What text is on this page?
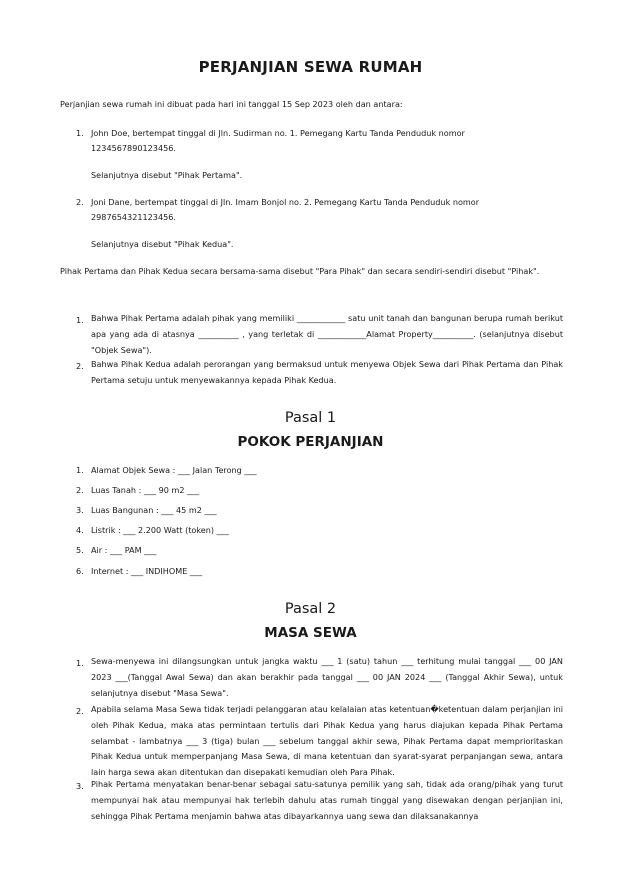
PERJANJIAN SEWA RUMAH
Perjanjian sewa rumah ini dibuat pada hari ini tanggal 15 Sep 2023 oleh dan antara:
1. John Doe, bertempat tinggal di Jln. Sudirman no. 1. Pemegang Kartu Tanda Penduduk nomor
1234567890123456.
Selanjutnya disebut "Pihak Pertama".
2. Joni Dane, bertempat tinggal di Jln. Imam Bonjol no. 2. Pemegang Kartu Tanda Penduduk nomor
2987654321123456.
Selanjutnya disebut "Pihak Kedua".
Pihak Pertama dan Pihak Kedua secara bersama-sama disebut "Para Pihak" dan secara sendiri-sendiri disebut "Pihak".
1. Bahwa Pihak Pertama adalah pihak yang memiliki ____________ satu unit tanah dan bangunan berupa rumah berikut apa yang ada di atasnya __________ , yang terletak di ____________Alamat Property__________. (selanjutnya disebut "Objek Sewa").
2. Bahwa Pihak Kedua adalah perorangan yang bermaksud untuk menyewa Objek Sewa dari Pihak Pertama dan Pihak Pertama setuju untuk menyewakannya kepada Pihak Kedua.
Pasal 1
POKOK PERJANJIAN
1. Alamat Objek Sewa : ___ Jalan Terong ___
2. Luas Tanah : ___ 90 m2 ___
3. Luas Bangunan : ___ 45 m2 ___
4. Listrik : ___ 2.200 Watt (token) ___
5. Air : ___ PAM ___
6. Internet : ___ INDIHOME ___
Pasal 2
MASA SEWA
1. Sewa-menyewa ini dilangsungkan untuk jangka waktu ___ 1 (satu) tahun ___ terhitung mulai tanggal ___ 00 JAN 2023 ___(Tanggal Awal Sewa) dan akan berakhir pada tanggal ___ 00 JAN 2024 ___ (Tanggal Akhir Sewa), untuk selanjutnya disebut "Masa Sewa".
2. Apabila selama Masa Sewa tidak terjadi pelanggaran atau kelalaian atas ketentuan�ketentuan dalam perjanjian ini oleh Pihak Kedua, maka atas permintaan tertulis dari Pihak Kedua yang harus diajukan kepada Pihak Pertama selambat - lambatnya ___ 3 (tiga) bulan ___ sebelum tanggal akhir sewa, Pihak Pertama dapat memprioritaskan Pihak Kedua untuk memperpanjang Masa Sewa, di mana ketentuan dan syarat-syarat perpanjangan sewa, antara lain harga sewa akan ditentukan dan disepakati kemudian oleh Para Pihak.
3. Pihak Pertama menyatakan benar-benar sebagai satu-satunya pemilik yang sah, tidak ada orang/pihak yang turut mempunyai hak atau mempunyai hak terlebih dahulu atas rumah tinggal yang disewakan dengan perjanjian ini, sehingga Pihak Pertama menjamin bahwa atas dibayarkannya uang sewa dan dilaksanakannya
